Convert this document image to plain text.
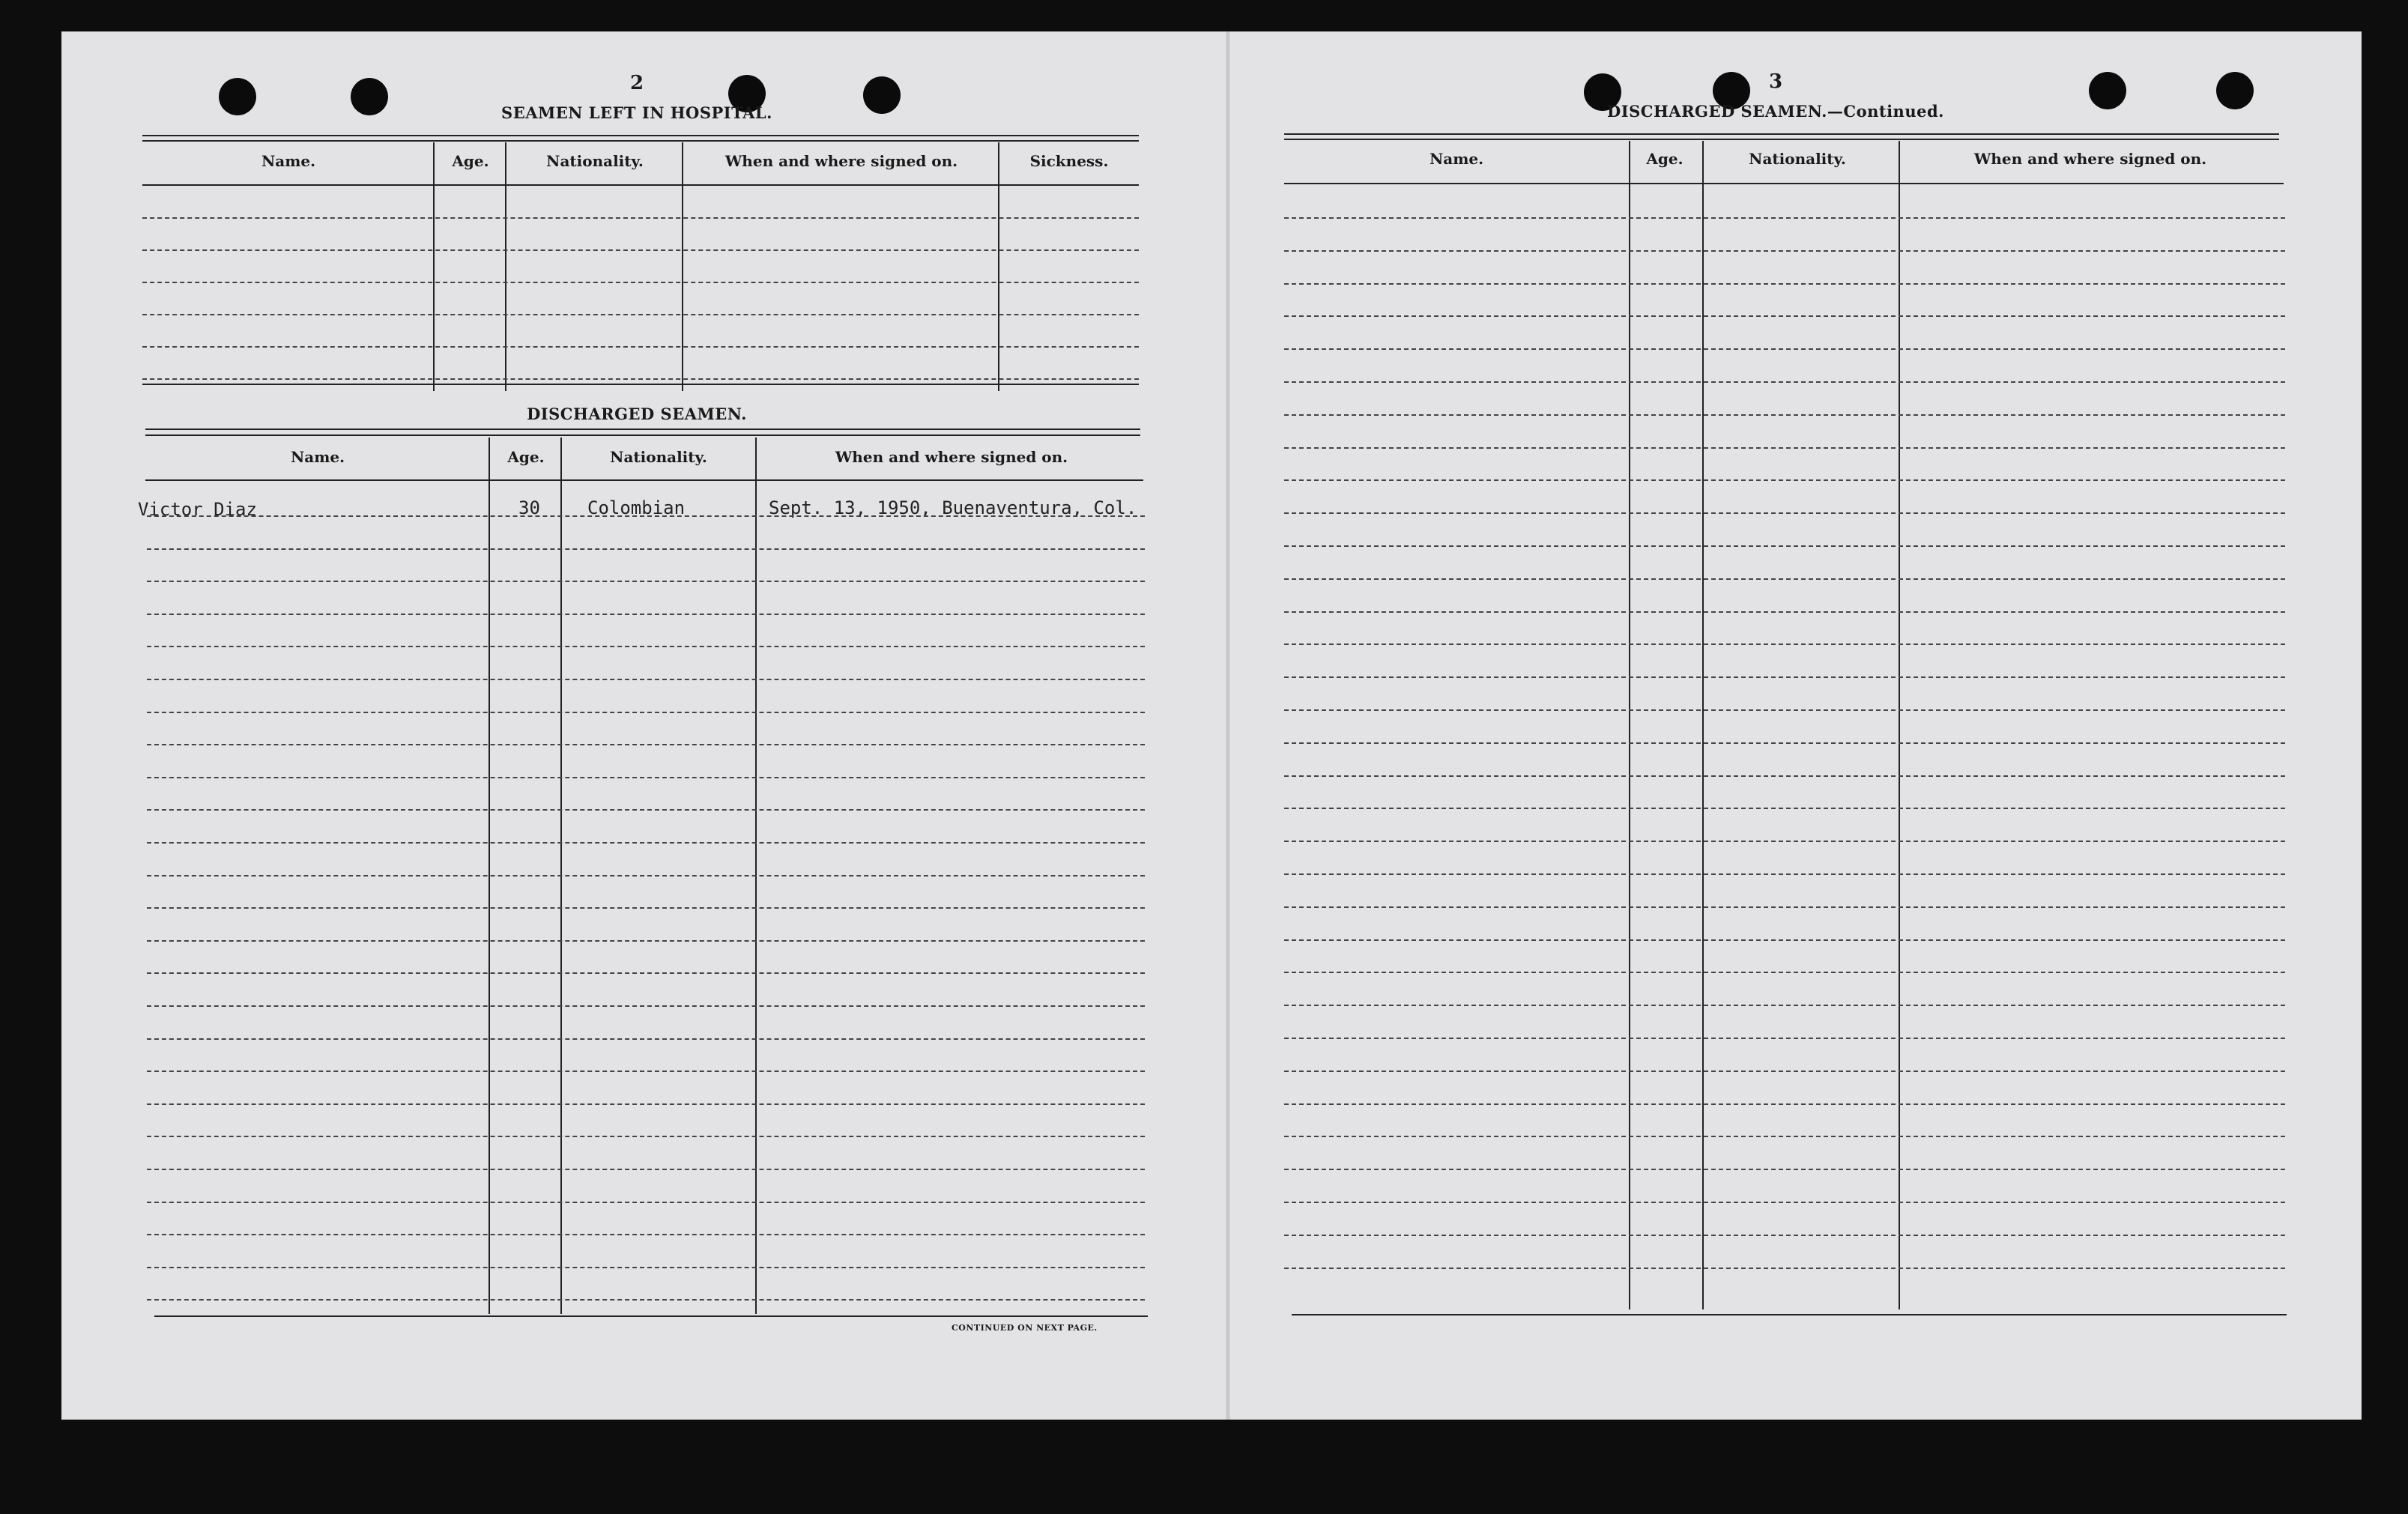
2
SEAMEN LEFT IN HOSPITAL.
Name.	Age.	Nationality.	When and where signed on.	Sickness.
DISCHARGED SEAMEN.
Name.	Age.	Nationality.	When and where signed on.
Victor Diaz	30	Colombian	Sept. 13, 1950, Buenaventura, Col.
CONTINUED ON NEXT PAGE.
3
DISCHARGED SEAMEN.—Continued.
Name.	Age.	Nationality.	When and where signed on.
